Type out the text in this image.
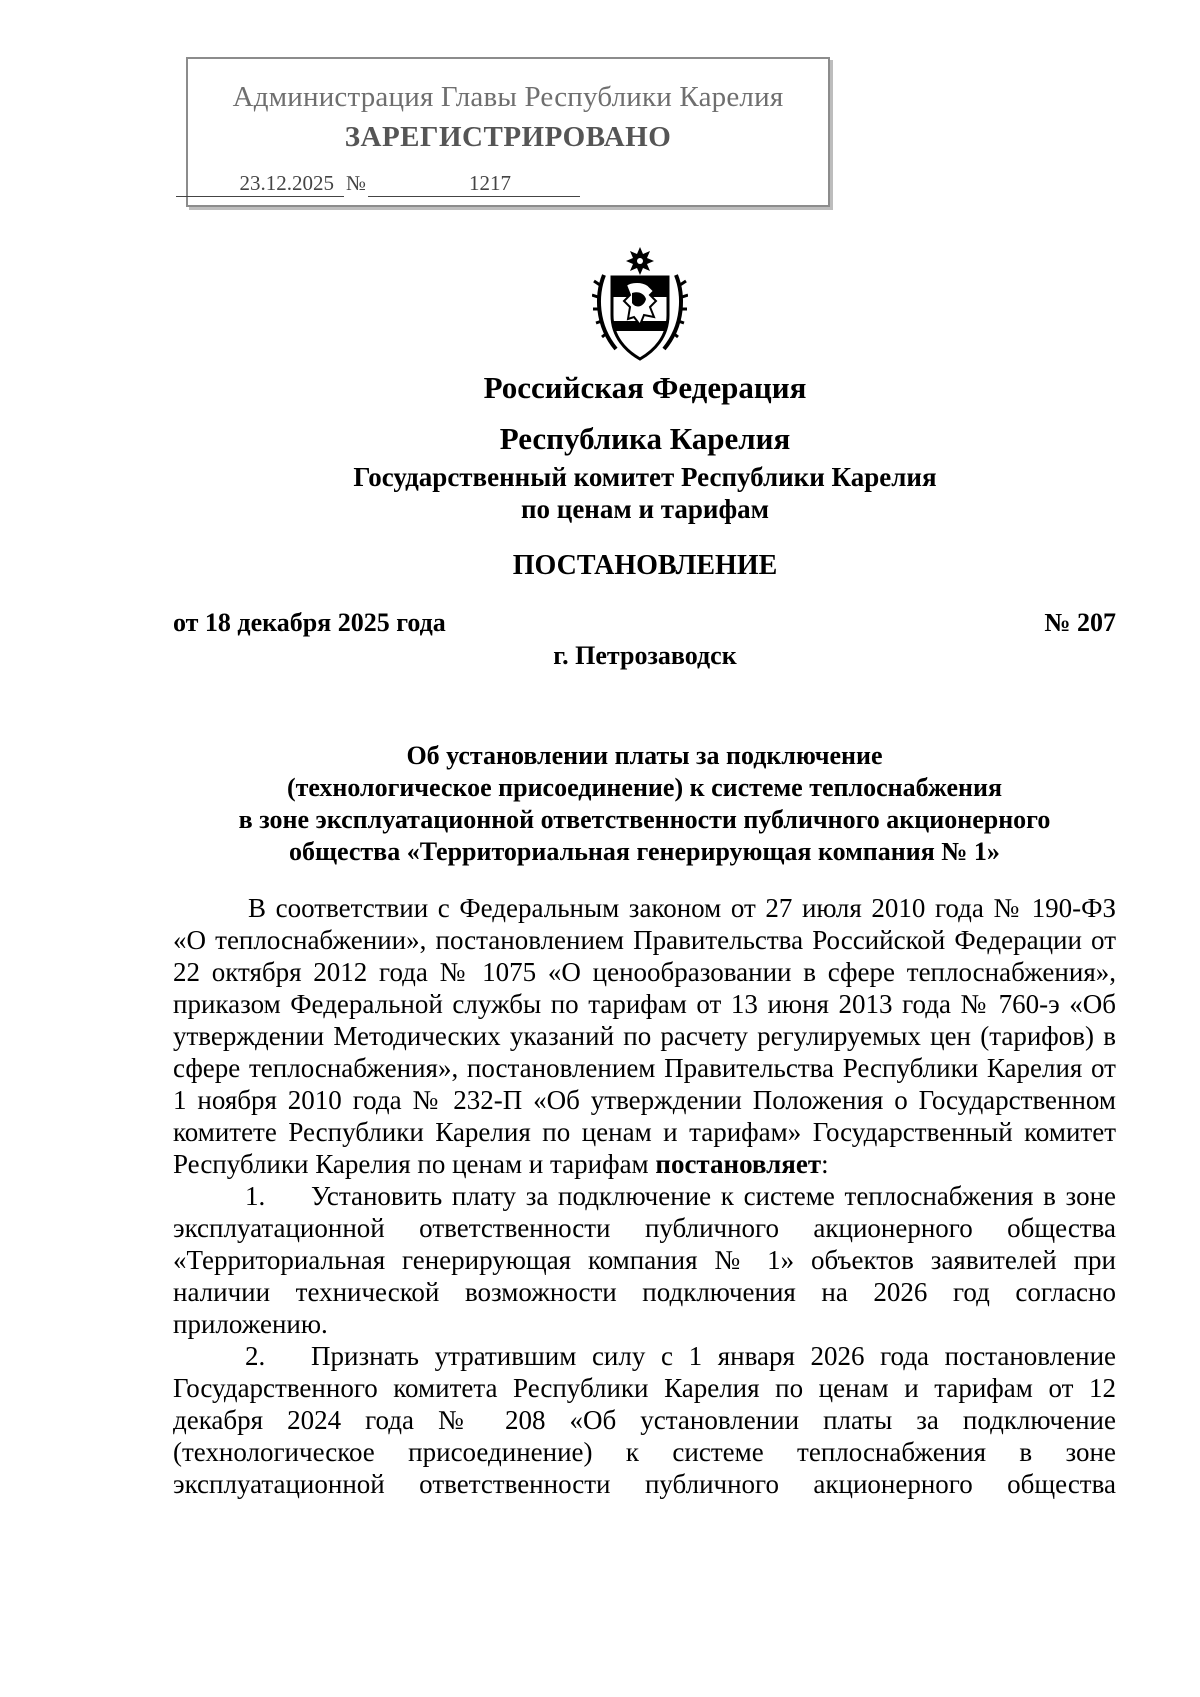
Администрация Главы Республики Карелия
ЗАРЕГИСТРИРОВАНО
23.12.2025 №	1217
Российская Федерация
Республика Карелия
Государственный комитет Республики Карелия
по ценам и тарифам
ПОСТАНОВЛЕНИЕ
от 18 декабря 2025 года	№ 207
г. Петрозаводск
Об установлении платы за подключение
(технологическое присоединение) к системе теплоснабжения
в зоне эксплуатационной ответственности публичного акционерного
общества «Территориальная генерирующая компания № 1»

В соответствии с Федеральным законом от 27 июля 2010 года № 190-ФЗ «О теплоснабжении», постановлением Правительства Российской Федерации от 22 октября 2012 года № 1075 «О ценообразовании в сфере теплоснабжения», приказом Федеральной службы по тарифам от 13 июня 2013 года № 760-э «Об утверждении Методических указаний по расчету регулируемых цен (тарифов) в сфере теплоснабжения», постановлением Правительства Республики Карелия от 1 ноября 2010 года № 232-П «Об утверждении Положения о Государственном комитете Республики Карелия по ценам и тарифам» Государственный комитет Республики Карелия по ценам и тарифам постановляет:

1. Установить плату за подключение к системе теплоснабжения в зоне эксплуатационной ответственности публичного акционерного общества «Территориальная генерирующая компания № 1» объектов заявителей при наличии технической возможности подключения на 2026 год согласно приложению.

2. Признать утратившим силу с 1 января 2026 года постановление Государственного комитета Республики Карелия по ценам и тарифам от 12 декабря 2024 года № 208 «Об установлении платы за подключение (технологическое присоединение) к системе теплоснабжения в зоне эксплуатационной ответственности публичного акционерного общества
